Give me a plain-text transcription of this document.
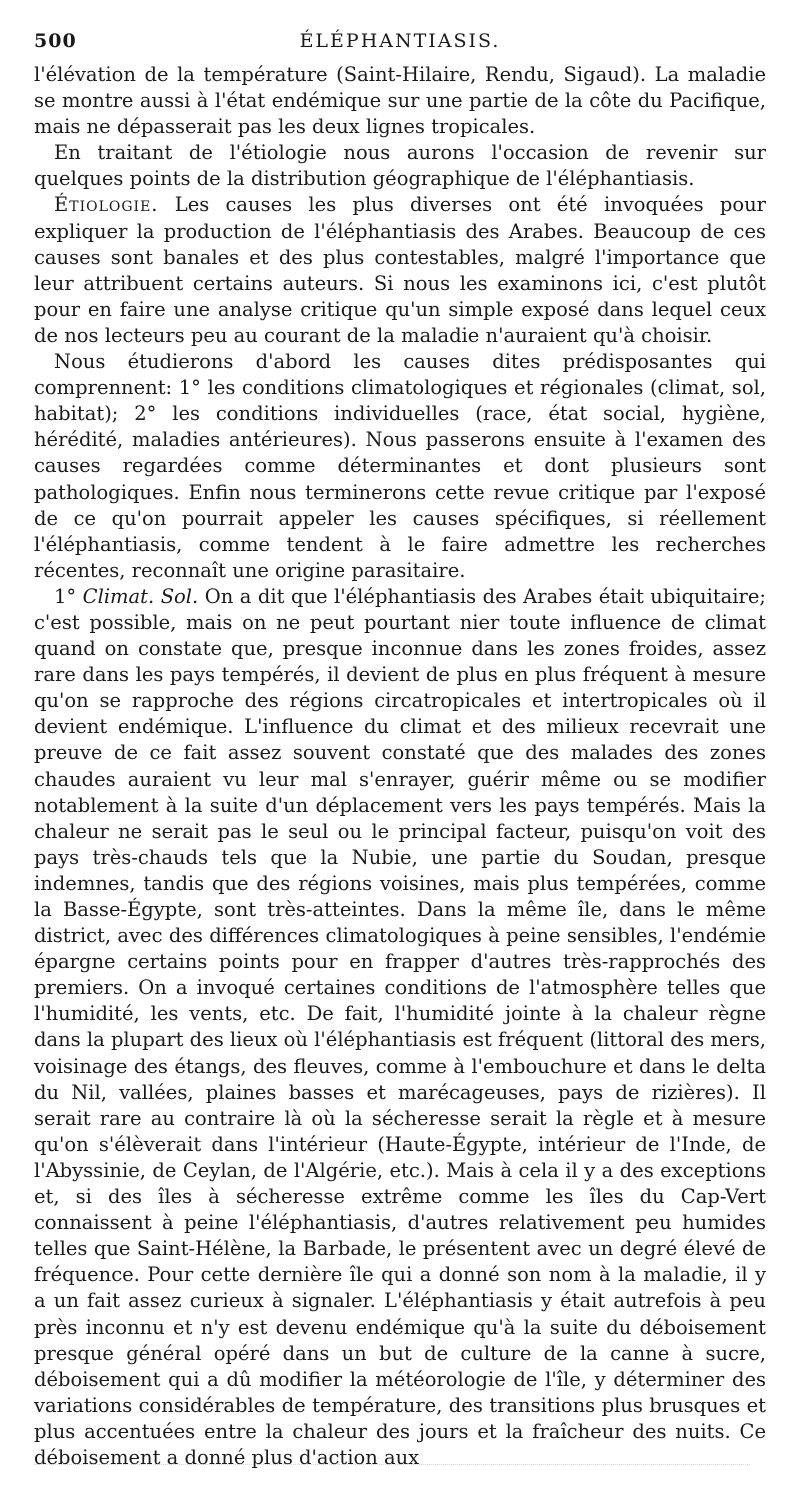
500	ÉLÉPHANTIASIS.

l'élévation de la température (Saint-Hilaire, Rendu, Sigaud). La maladie se montre aussi à l'état endémique sur une partie de la côte du Pacifique, mais ne dépasserait pas les deux lignes tropicales.

En traitant de l'étiologie nous aurons l'occasion de revenir sur quelques points de la distribution géographique de l'éléphantiasis.

Étiologie. Les causes les plus diverses ont été invoquées pour expliquer la production de l'éléphantiasis des Arabes. Beaucoup de ces causes sont banales et des plus contestables, malgré l'importance que leur attribuent certains auteurs. Si nous les examinons ici, c'est plutôt pour en faire une analyse critique qu'un simple exposé dans lequel ceux de nos lecteurs peu au courant de la maladie n'auraient qu'à choisir.

Nous étudierons d'abord les causes dites prédisposantes qui comprennent: 1° les conditions climatologiques et régionales (climat, sol, habitat); 2° les conditions individuelles (race, état social, hygiène, hérédité, maladies antérieures). Nous passerons ensuite à l'examen des causes regardées comme déterminantes et dont plusieurs sont pathologiques. Enfin nous terminerons cette revue critique par l'exposé de ce qu'on pourrait appeler les causes spécifiques, si réellement l'éléphantiasis, comme tendent à le faire admettre les recherches récentes, reconnaît une origine parasitaire.

1° Climat. Sol. On a dit que l'éléphantiasis des Arabes était ubiquitaire; c'est possible, mais on ne peut pourtant nier toute influence de climat quand on constate que, presque inconnue dans les zones froides, assez rare dans les pays tempérés, il devient de plus en plus fréquent à mesure qu'on se rapproche des régions circatropicales et intertropicales où il devient endémique. L'influence du climat et des milieux recevrait une preuve de ce fait assez souvent constaté que des malades des zones chaudes auraient vu leur mal s'enrayer, guérir même ou se modifier notablement à la suite d'un déplacement vers les pays tempérés. Mais la chaleur ne serait pas le seul ou le principal facteur, puisqu'on voit des pays très-chauds tels que la Nubie, une partie du Soudan, presque indemnes, tandis que des régions voisines, mais plus tempérées, comme la Basse-Égypte, sont très-atteintes. Dans la même île, dans le même district, avec des différences climatologiques à peine sensibles, l'endémie épargne certains points pour en frapper d'autres très-rapprochés des premiers. On a invoqué certaines conditions de l'atmosphère telles que l'humidité, les vents, etc. De fait, l'humidité jointe à la chaleur règne dans la plupart des lieux où l'éléphantiasis est fréquent (littoral des mers, voisinage des étangs, des fleuves, comme à l'embouchure et dans le delta du Nil, vallées, plaines basses et marécageuses, pays de rizières). Il serait rare au contraire là où la sécheresse serait la règle et à mesure qu'on s'élèverait dans l'intérieur (Haute-Égypte, intérieur de l'Inde, de l'Abyssinie, de Ceylan, de l'Algérie, etc.). Mais à cela il y a des exceptions et, si des îles à sécheresse extrême comme les îles du Cap-Vert connaissent à peine l'éléphantiasis, d'autres relativement peu humides telles que Saint-Hélène, la Barbade, le présentent avec un degré élevé de fréquence. Pour cette dernière île qui a donné son nom à la maladie, il y a un fait assez curieux à signaler. L'éléphantiasis y était autrefois à peu près inconnu et n'y est devenu endémique qu'à la suite du déboisement presque général opéré dans un but de culture de la canne à sucre, déboisement qui a dû modifier la météorologie de l'île, y déterminer des variations considérables de température, des transitions plus brusques et plus accentuées entre la chaleur des jours et la fraîcheur des nuits. Ce déboisement a donné plus d'action aux
